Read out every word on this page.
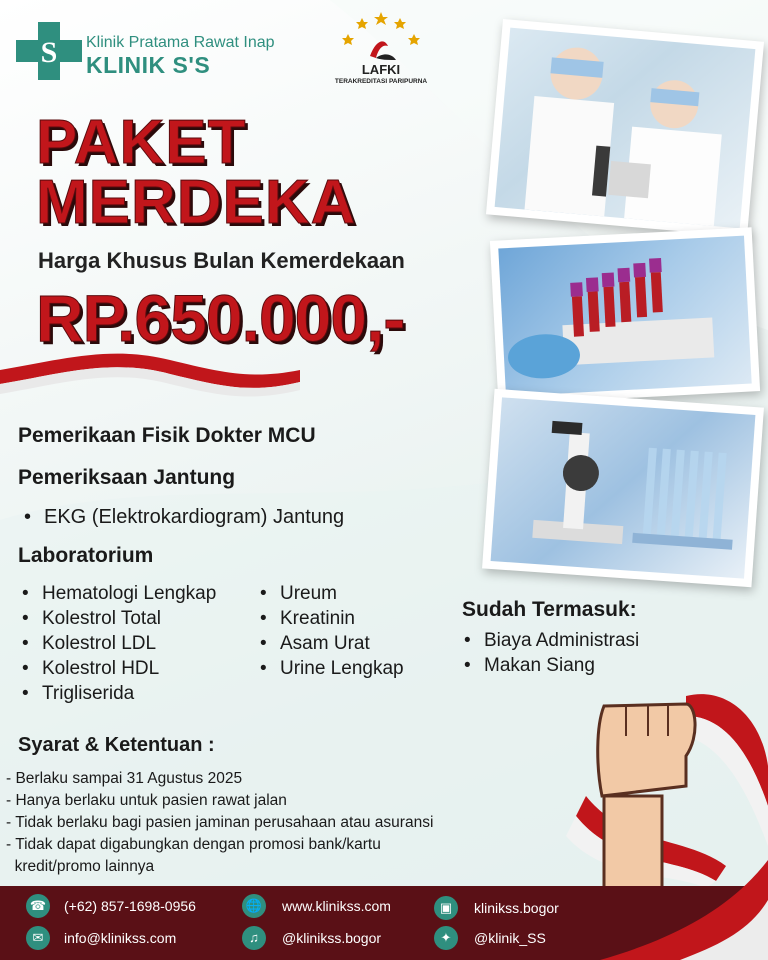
S Klinik Pratama Rawat Inap
KLINIK S'S	LAFKI
TERAKREDITASI PARIPURNA
PAKET
MERDEKA
Harga Khusus Bulan Kemerdekaan
RP.650.000,-
Pemerikaan Fisik Dokter MCU
Pemeriksaan Jantung
• EKG (Elektrokardiogram) Jantung
Laboratorium
• Hematologi Lengkap
• Kolestrol Total
• Kolestrol LDL
• Kolestrol HDL
• Trigliserida
• Ureum
• Kreatinin
• Asam Urat
• Urine Lengkap
Sudah Termasuk:
• Biaya Administrasi
• Makan Siang
Syarat & Ketentuan :
- Berlaku sampai 31 Agustus 2025
- Hanya berlaku untuk pasien rawat jalan
- Tidak berlaku bagi pasien jaminan perusahaan atau asuransi
- Tidak dapat digabungkan dengan promosi bank/kartu
kredit/promo lainnya
☎ (+62) 857-1698-0956
✉	info@klinikss.com
🌐 www.klinikss.com
♫	@klinikss.bogor
▣	klinikss.bogor
✦	@klinik_SS
